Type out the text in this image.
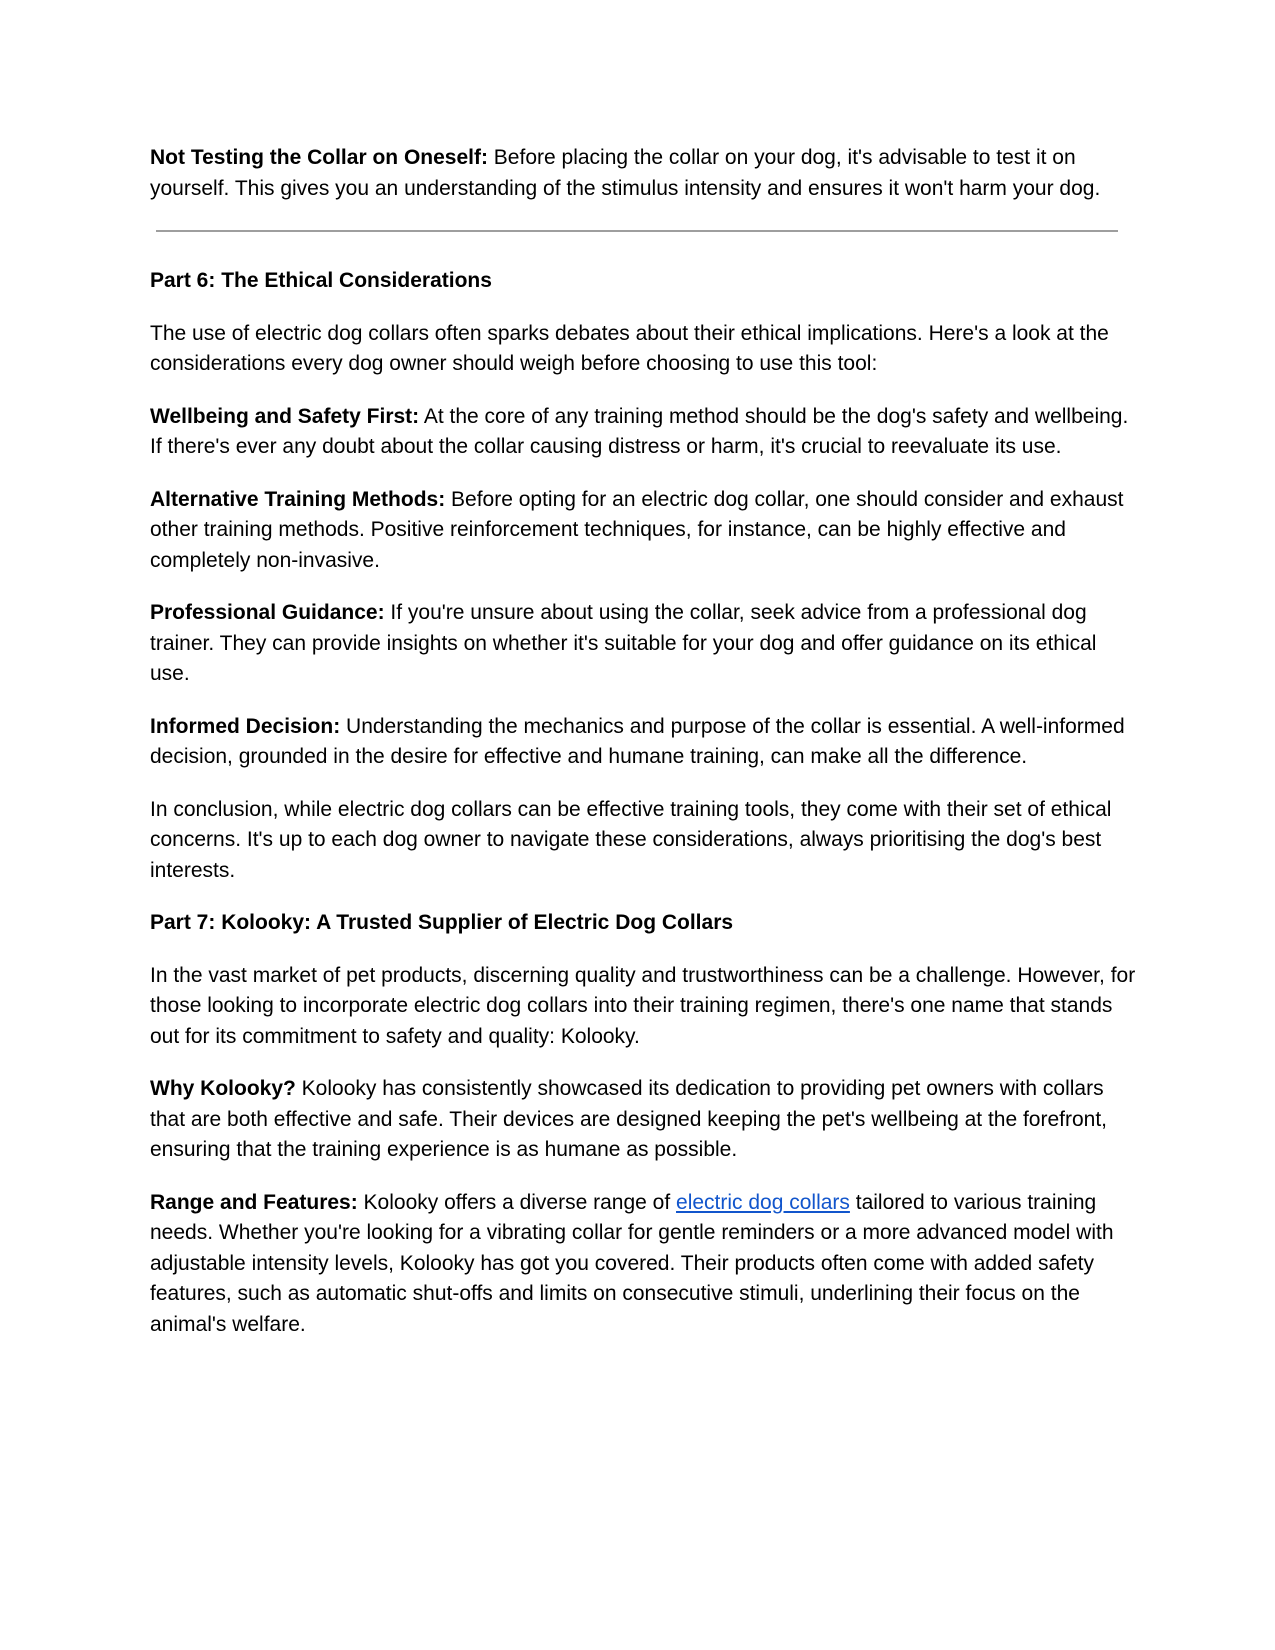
Not Testing the Collar on Oneself: Before placing the collar on your dog, it's advisable to test it on yourself. This gives you an understanding of the stimulus intensity and ensures it won't harm your dog.

Part 6: The Ethical Considerations

The use of electric dog collars often sparks debates about their ethical implications. Here's a look at the considerations every dog owner should weigh before choosing to use this tool:

Wellbeing and Safety First: At the core of any training method should be the dog's safety and wellbeing. If there's ever any doubt about the collar causing distress or harm, it's crucial to reevaluate its use.

Alternative Training Methods: Before opting for an electric dog collar, one should consider and exhaust other training methods. Positive reinforcement techniques, for instance, can be highly effective and completely non-invasive.

Professional Guidance: If you're unsure about using the collar, seek advice from a professional dog trainer. They can provide insights on whether it's suitable for your dog and offer guidance on its ethical use.

Informed Decision: Understanding the mechanics and purpose of the collar is essential. A well-informed decision, grounded in the desire for effective and humane training, can make all the difference.

In conclusion, while electric dog collars can be effective training tools, they come with their set of ethical concerns. It's up to each dog owner to navigate these considerations, always prioritising the dog's best interests.

Part 7: Kolooky: A Trusted Supplier of Electric Dog Collars

In the vast market of pet products, discerning quality and trustworthiness can be a challenge. However, for those looking to incorporate electric dog collars into their training regimen, there's one name that stands out for its commitment to safety and quality: Kolooky.

Why Kolooky? Kolooky has consistently showcased its dedication to providing pet owners with collars that are both effective and safe. Their devices are designed keeping the pet's wellbeing at the forefront, ensuring that the training experience is as humane as possible.

Range and Features: Kolooky offers a diverse range of electric dog collars tailored to various training needs. Whether you're looking for a vibrating collar for gentle reminders or a more advanced model with adjustable intensity levels, Kolooky has got you covered. Their products often come with added safety features, such as automatic shut-offs and limits on consecutive stimuli, underlining their focus on the animal's welfare.
